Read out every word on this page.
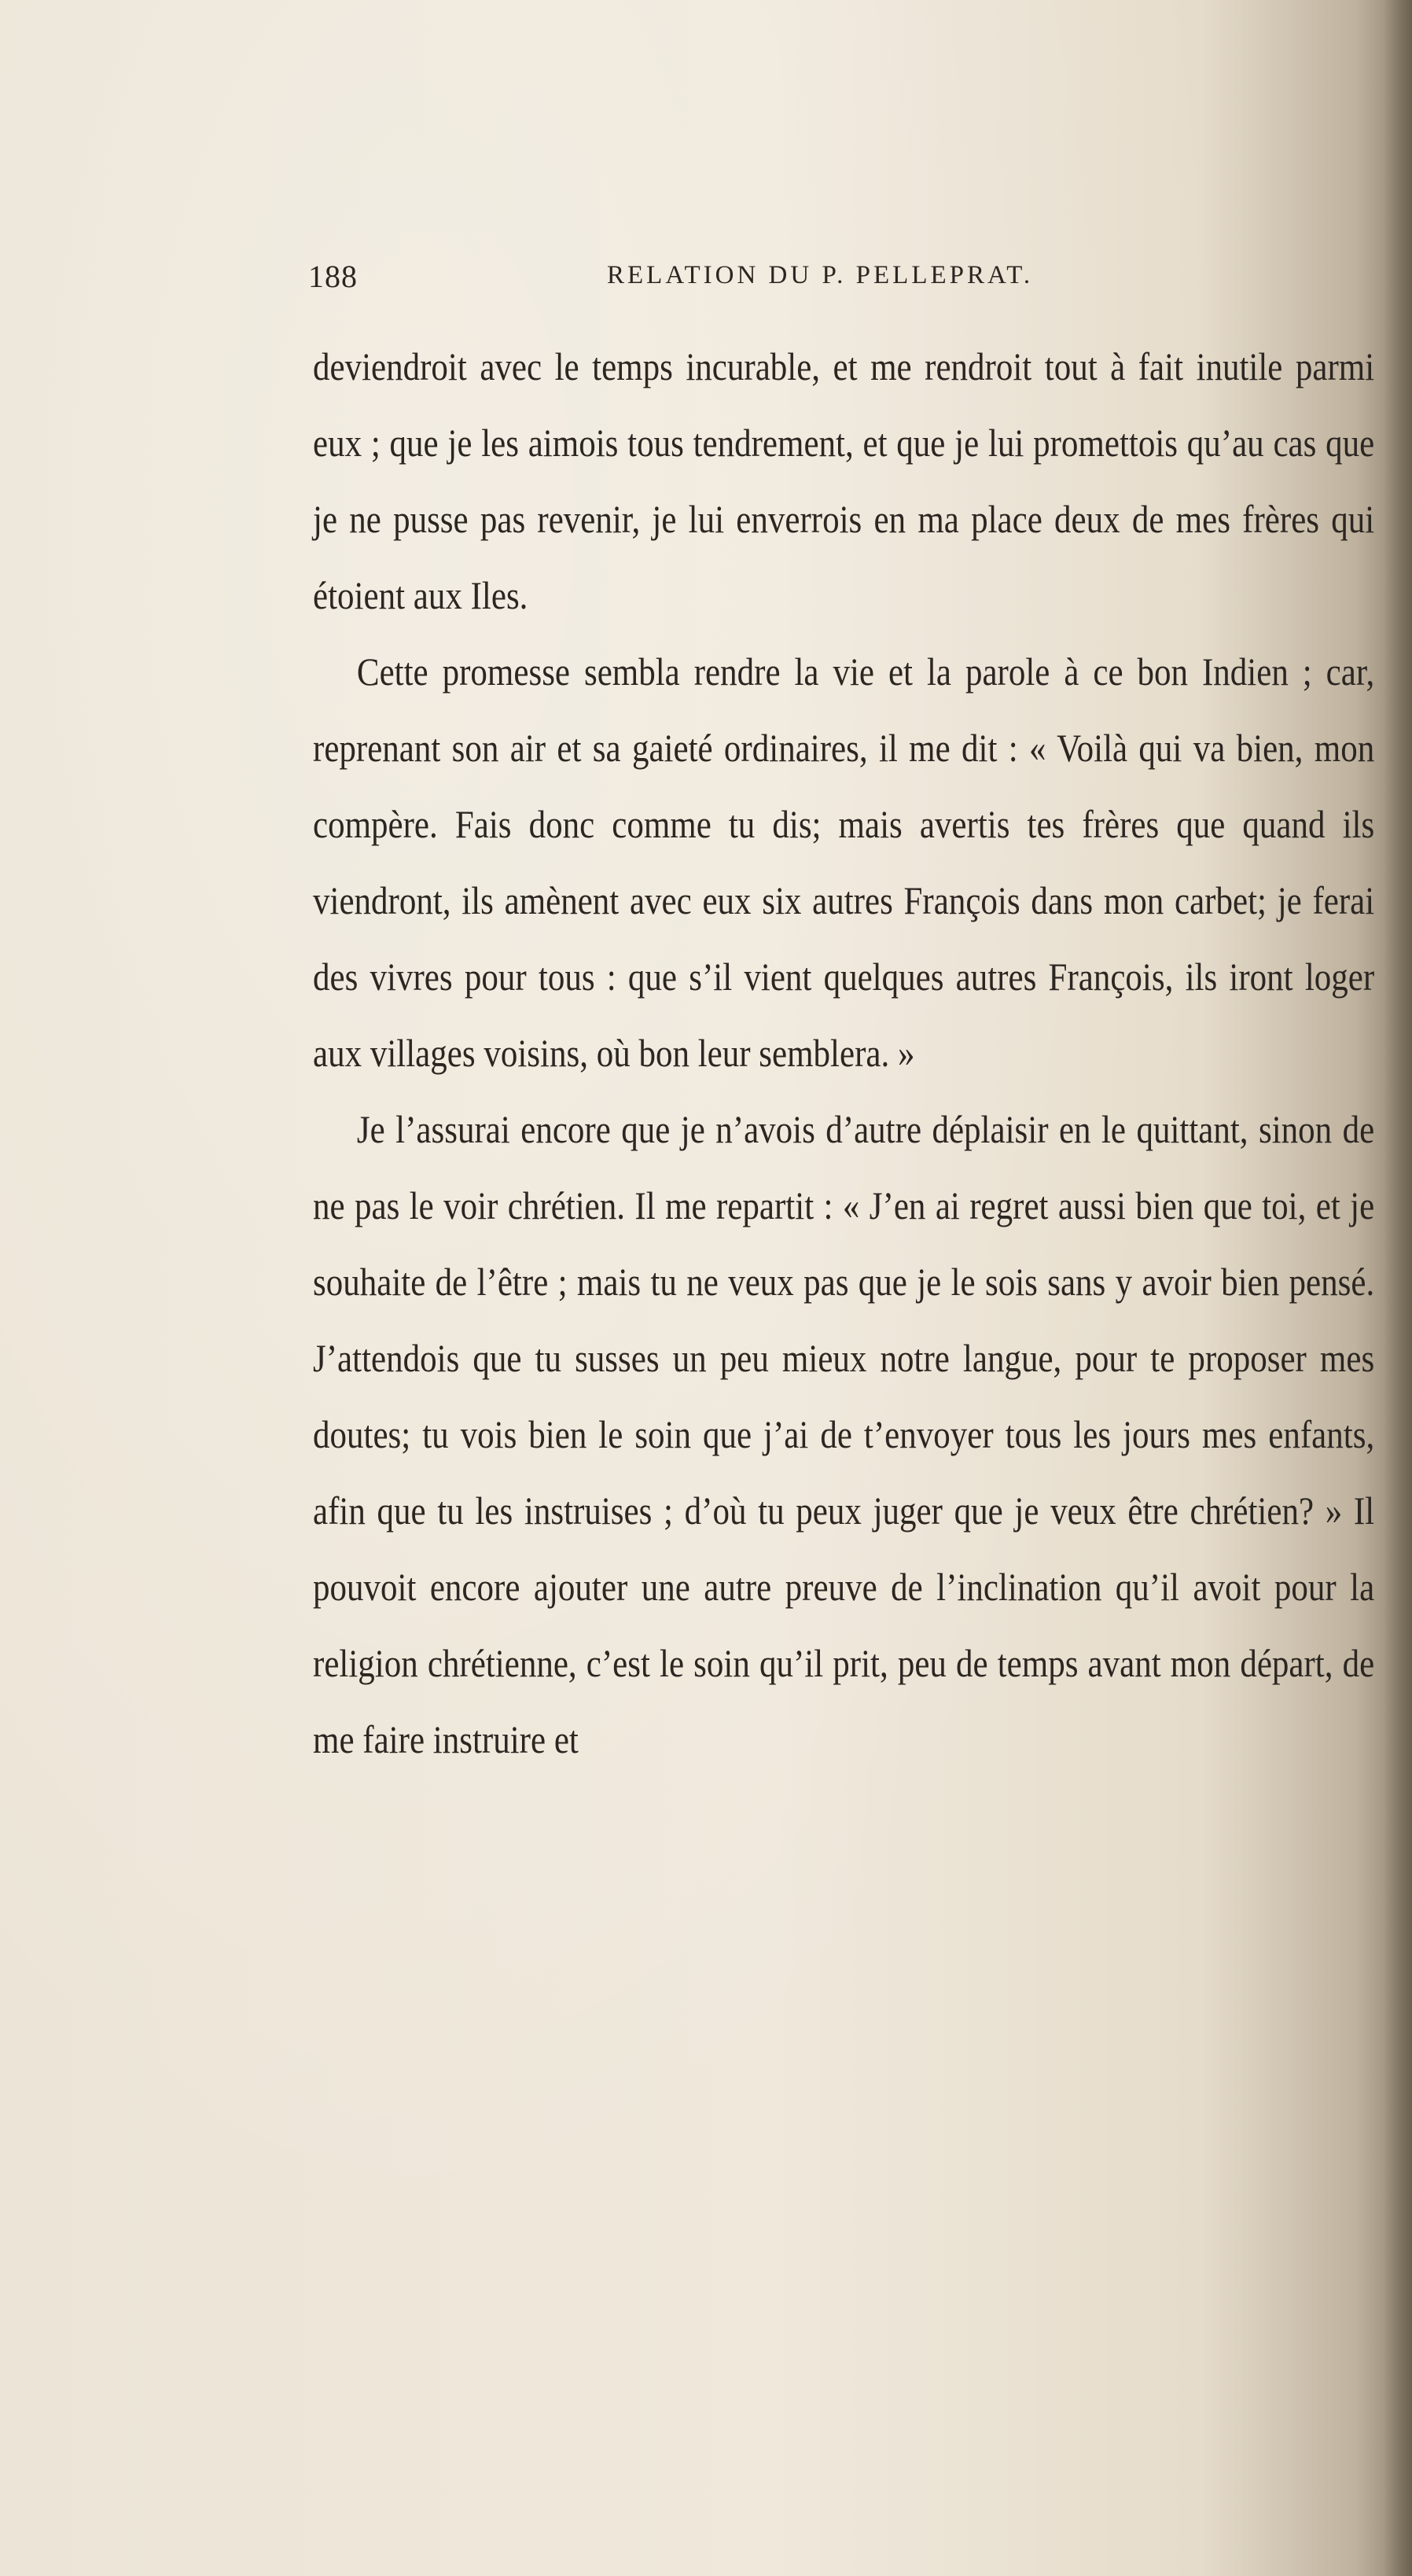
188	RELATION DU P. PELLEPRAT.

deviendroit avec le temps incurable, et me rendroit tout à fait inutile parmi eux ; que je les aimois tous tendrement, et que je lui promettois qu’au cas que je ne pusse pas revenir, je lui enverrois en ma place deux de mes frères qui étoient aux Iles.

Cette promesse sembla rendre la vie et la parole à ce bon Indien ; car, reprenant son air et sa gaieté ordinaires, il me dit : « Voilà qui va bien, mon compère. Fais donc comme tu dis; mais avertis tes frères que quand ils viendront, ils amènent avec eux six autres François dans mon carbet; je ferai des vivres pour tous : que s’il vient quelques autres François, ils iront loger aux villages voisins, où bon leur semblera. »

Je l’assurai encore que je n’avois d’autre déplaisir en le quittant, sinon de ne pas le voir chrétien. Il me repartit : « J’en ai regret aussi bien que toi, et je souhaite de l’être ; mais tu ne veux pas que je le sois sans y avoir bien pensé. J’attendois que tu susses un peu mieux notre langue, pour te proposer mes doutes; tu vois bien le soin que j’ai de t’envoyer tous les jours mes enfants, afin que tu les instruises ; d’où tu peux juger que je veux être chrétien? » Il pouvoit encore ajouter une autre preuve de l’inclination qu’il avoit pour la religion chrétienne, c’est le soin qu’il prit, peu de temps avant mon départ, de me faire instruire et
